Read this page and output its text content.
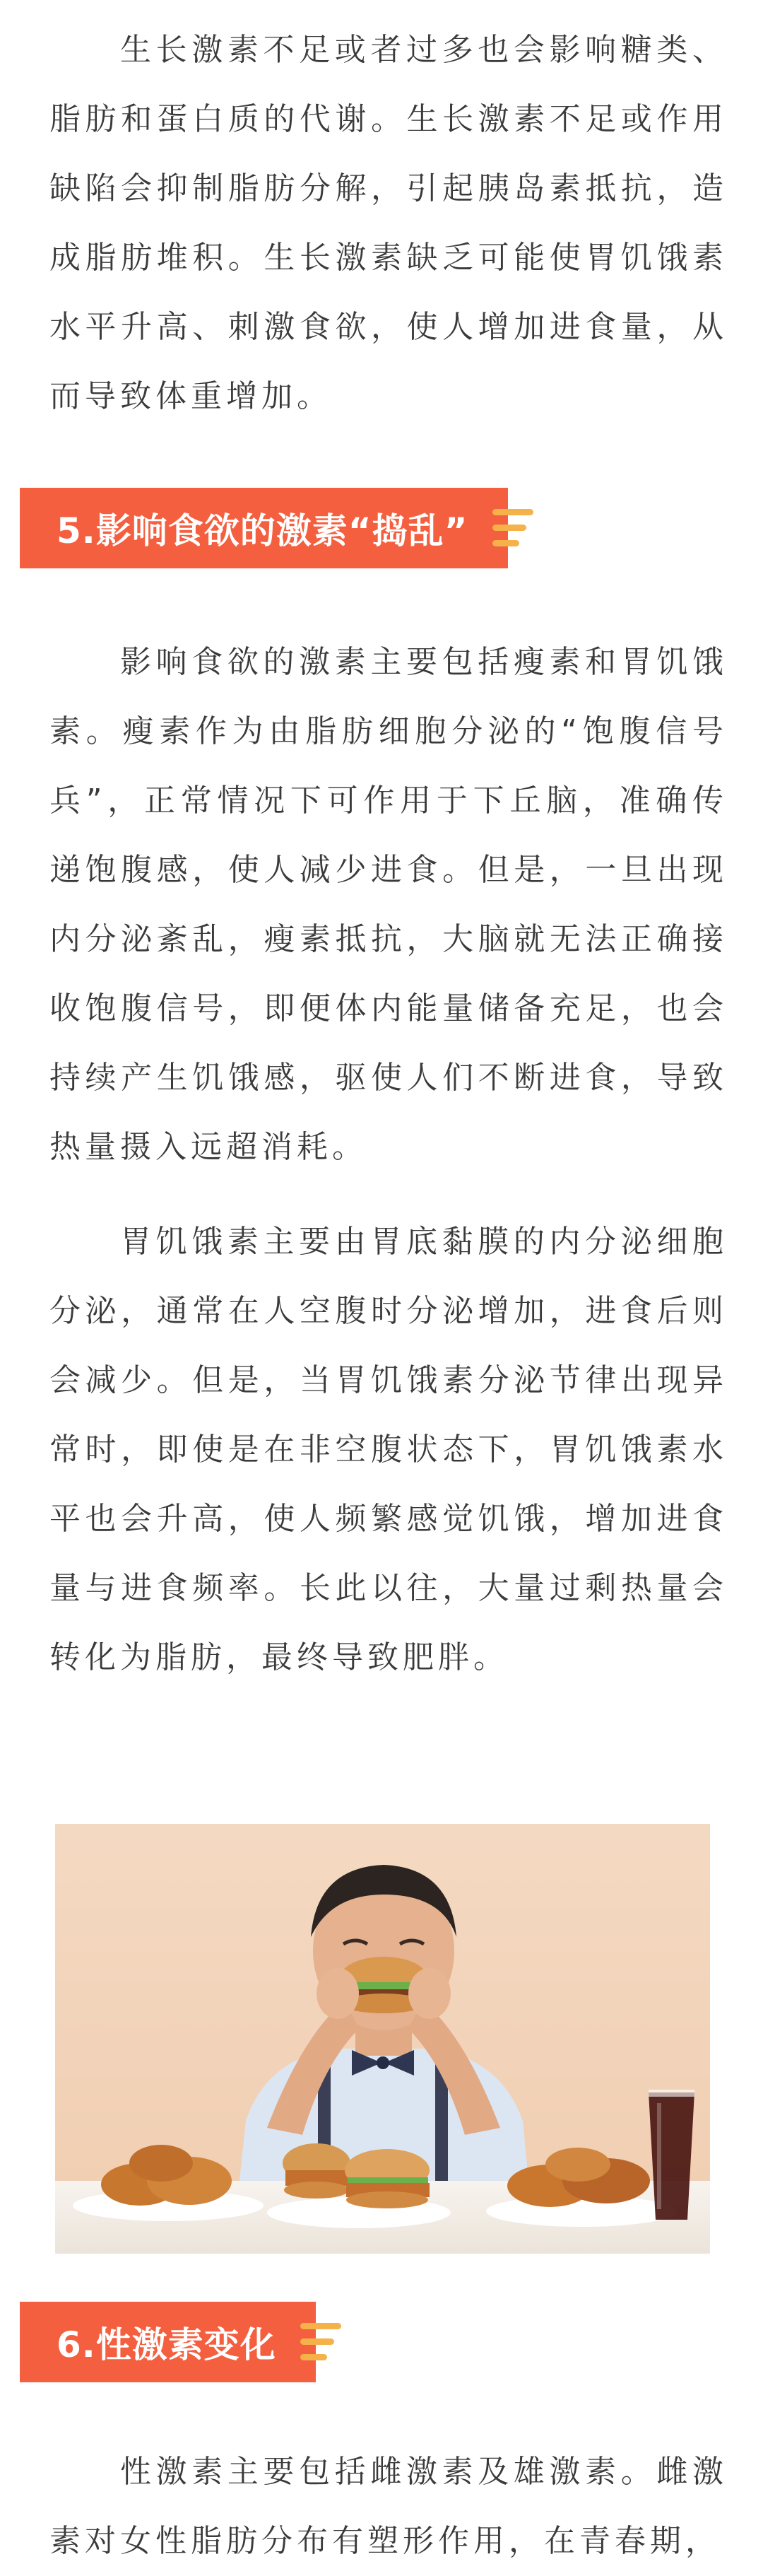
生长激素不足或者过多也会影响糖类、脂肪和蛋白质的代谢。生长激素不足或作用缺陷会抑制脂肪分解，引起胰岛素抵抗，造成脂肪堆积。生长激素缺乏可能使胃饥饿素水平升高、刺激食欲，使人增加进食量，从而导致体重增加。

5.影响食欲的激素“捣乱”

影响食欲的激素主要包括瘦素和胃饥饿素。瘦素作为由脂肪细胞分泌的“饱腹信号兵”，正常情况下可作用于下丘脑，准确传递饱腹感，使人减少进食。但是，一旦出现内分泌紊乱，瘦素抵抗，大脑就无法正确接收饱腹信号，即便体内能量储备充足，也会持续产生饥饿感，驱使人们不断进食，导致热量摄入远超消耗。

胃饥饿素主要由胃底黏膜的内分泌细胞分泌，通常在人空腹时分泌增加，进食后则会减少。但是，当胃饥饿素分泌节律出现异常时，即使是在非空腹状态下，胃饥饿素水平也会升高，使人频繁感觉饥饿，增加进食量与进食频率。长此以往，大量过剩热量会转化为脂肪，最终导致肥胖。

6.性激素变化

性激素主要包括雌激素及雄激素。雌激素对女性脂肪分布有塑形作用，在青春期，
